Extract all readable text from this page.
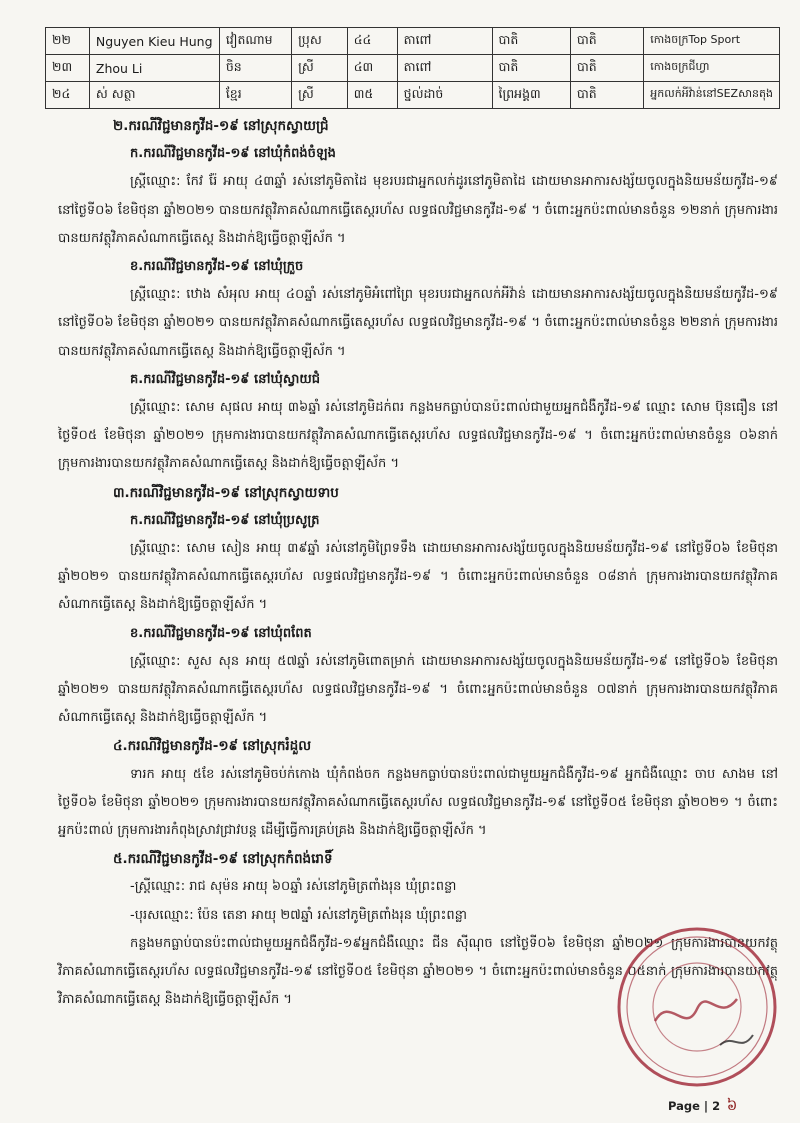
២២	Nguyen Kieu Hung	វៀតណាម	ប្រុស	៤៤	តាពៅ	បាតិ	បាតិ	កោងចក្រTop Sport
២៣	Zhou Li	ចិន	ស្រី	៤៣	តាពៅ	បាតិ	បាតិ	កោងចក្រជីហ្វា
២៤	ស់ សត្ថា	ខ្មែរ	ស្រី	៣៥	ថ្នល់ដាច់	ព្រៃអង្គ៣	បាតិ	អ្នកលក់អីវ៉ាន់នៅSEZសានតុង

២.ករណីវិជ្ជមានកូវីដ-១៩ នៅស្រុកស្វាយជ្រំ

ក.ករណីវិជ្ជមានកូវីដ-១៩ នៅឃុំកំពង់ចំឡង

ស្រ្តីឈ្មោះ: កែវ រ៉ែ អាយុ ៤៣ឆ្នាំ រស់នៅភូមិតាដៃ មុខរបរជាអ្នកលក់ដូរនៅភូមិតាដៃ ដោយមានអាការសង្ស័យចូលក្នុងនិយមន័យកូវីដ-១៩ នៅថ្ងៃទី០៦ ខែមិថុនា ឆ្នាំ២០២១ បានយកវត្ថុវិភាគសំណាកធ្វើតេស្តរហ័ស លទ្ធផលវិជ្ជមានកូវីដ-១៩ ។ ចំពោះអ្នកប៉ះពាល់មានចំនួន ១២នាក់ ក្រុមការងារបានយកវត្ថុវិភាគសំណាកធ្វើតេស្ត និងដាក់ឱ្យធ្វើចត្តាឡីស័ក ។

ខ.ករណីវិជ្ជមានកូវីដ-១៩ នៅឃុំក្រួច

ស្រ្តីឈ្មោះ: ឋោង សំអុល អាយុ ៤០ឆ្នាំ រស់នៅភូមិអំពៅព្រៃ មុខរបរជាអ្នកលក់អីវ៉ាន់ ដោយមានអាការសង្ស័យចូលក្នុងនិយមន័យកូវីដ-១៩ នៅថ្ងៃទី០៦ ខែមិថុនា ឆ្នាំ២០២១ បានយកវត្ថុវិភាគសំណាកធ្វើតេស្តរហ័ស លទ្ធផលវិជ្ជមានកូវីដ-១៩ ។ ចំពោះអ្នកប៉ះពាល់មានចំនួន ២២នាក់ ក្រុមការងារបានយកវត្ថុវិភាគសំណាកធ្វើតេស្ត និងដាក់ឱ្យធ្វើចត្តាឡីស័ក ។

គ.ករណីវិជ្ជមានកូវីដ-១៩ នៅឃុំស្វាយជំ

ស្រ្តីឈ្មោះ: សោម សុផល អាយុ ៣៦ឆ្នាំ រស់នៅភូមិដក់ពរ កន្លងមកធ្លាប់បានប៉ះពាល់ជាមួយអ្នកជំងឺកូវីដ-១៩ ឈ្មោះ សោម ប៊ុនធឿន នៅថ្ងៃទី០៥ ខែមិថុនា ឆ្នាំ២០២១ ក្រុមការងារបានយកវត្ថុវិភាគសំណាកធ្វើតេស្តរហ័ស លទ្ធផលវិជ្ជមានកូវីដ-១៩ ។ ចំពោះអ្នកប៉ះពាល់មានចំនួន ០៦នាក់ ក្រុមការងារបានយកវត្ថុវិភាគសំណាកធ្វើតេស្ត និងដាក់ឱ្យធ្វើចត្តាឡីស័ក ។

៣.ករណីវិជ្ជមានកូវីដ-១៩ នៅស្រុកស្វាយទាប

ក.ករណីវិជ្ជមានកូវីដ-១៩ នៅឃុំប្រសូត្រ

ស្រ្តីឈ្មោះ: សោម សៀន អាយុ ៣៩ឆ្នាំ រស់នៅភូមិព្រៃទទឹង ដោយមានអាការសង្ស័យចូលក្នុងនិយមន័យកូវីដ-១៩ នៅថ្ងៃទី០៦ ខែមិថុនា ឆ្នាំ២០២១ បានយកវត្ថុវិភាគសំណាកធ្វើតេស្តរហ័ស លទ្ធផលវិជ្ជមានកូវីដ-១៩ ។ ចំពោះអ្នកប៉ះពាល់មានចំនួន ០៨នាក់ ក្រុមការងារបានយកវត្ថុវិភាគសំណាកធ្វើតេស្ត និងដាក់ឱ្យធ្វើចត្តាឡីស័ក ។

ខ.ករណីវិជ្ជមានកូវីដ-១៩ នៅឃុំពពែត

ស្រ្តីឈ្មោះ: សួស សុន អាយុ ៥៧ឆ្នាំ រស់នៅភូមិពោតម្រាក់ ដោយមានអាការសង្ស័យចូលក្នុងនិយមន័យកូវីដ-១៩ នៅថ្ងៃទី០៦ ខែមិថុនា ឆ្នាំ២០២១ បានយកវត្ថុវិភាគសំណាកធ្វើតេស្តរហ័ស លទ្ធផលវិជ្ជមានកូវីដ-១៩ ។ ចំពោះអ្នកប៉ះពាល់មានចំនួន ០៧នាក់ ក្រុមការងារបានយកវត្ថុវិភាគសំណាកធ្វើតេស្ត និងដាក់ឱ្យធ្វើចត្តាឡីស័ក ។

៤.ករណីវិជ្ជមានកូវីដ-១៩ នៅស្រុករំដួល

ទារក អាយុ ៥ខែ រស់នៅភូមិចប់ក់កោង ឃុំកំពង់ចក កន្លងមកធ្លាប់បានប៉ះពាល់ជាមួយអ្នកជំងឺកូវីដ-១៩ អ្នកជំងឺឈ្មោះ ចាប សាងម នៅថ្ងៃទី០៦ ខែមិថុនា ឆ្នាំ២០២១ ក្រុមការងារបានយកវត្ថុវិភាគសំណាកធ្វើតេស្តរហ័ស លទ្ធផលវិជ្ជមានកូវីដ-១៩ នៅថ្ងៃទី០៥ ខែមិថុនា ឆ្នាំ២០២១ ។ ចំពោះអ្នកប៉ះពាល់ ក្រុមការងារកំពុងស្រាវជ្រាវបន្ត ដើម្បីធ្វើការគ្រប់គ្រង និងដាក់ឱ្យធ្វើចត្តាឡីស័ក ។

៥.ករណីវិជ្ជមានកូវីដ-១៩ នៅស្រុកកំពង់រោទិ៍

-ស្រ្តីឈ្មោះ: រាជ សុម៉ន អាយុ ៦០ឆ្នាំ រស់នៅភូមិត្រពាំងរុន ឃុំព្រះពន្លា

-បុរសឈ្មោះ: ប៉ែន តេនា អាយុ ២៧ឆ្នាំ រស់នៅភូមិត្រពាំងរុន ឃុំព្រះពន្លា

កន្លងមកធ្លាប់បានប៉ះពាល់ជាមួយអ្នកជំងឺកូវីដ-១៩អ្នកជំងឺឈ្មោះ ជីន ស៊ីណុច នៅថ្ងៃទី០៦ ខែមិថុនា ឆ្នាំ២០២១ ក្រុមការងារបានយកវត្ថុវិភាគសំណាកធ្វើតេស្តរហ័ស លទ្ធផលវិជ្ជមានកូវីដ-១៩ នៅថ្ងៃទី០៥ ខែមិថុនា ឆ្នាំ២០២១ ។ ចំពោះអ្នកប៉ះពាល់មានចំនួន ០៥នាក់ ក្រុមការងារបានយកវត្ថុវិភាគសំណាកធ្វើតេស្ត និងដាក់ឱ្យធ្វើចត្តាឡីស័ក ។

Page | 2 ៦
